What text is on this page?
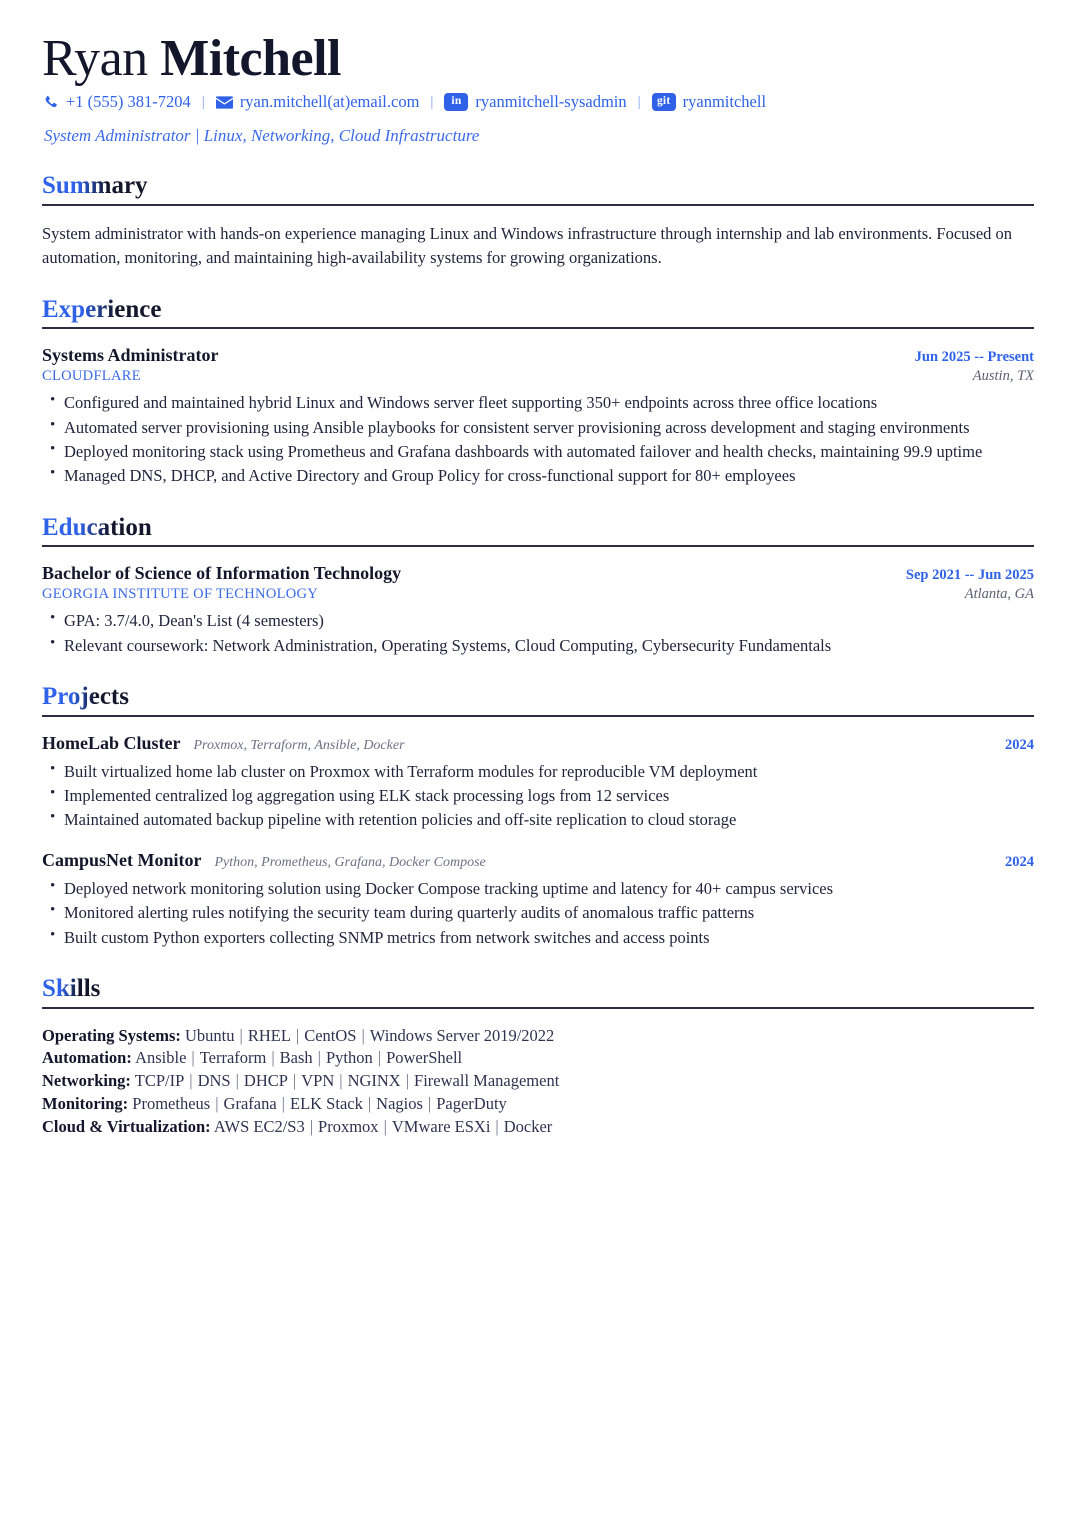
Ryan Mitchell
+1 (555) 381-7204 | ryan.mitchell(at)email.com |	in ryanmitchell-sysadmin |	git ryanmitchell
System Administrator | Linux, Networking, Cloud Infrastructure
Summary

System administrator with hands-on experience managing Linux and Windows infrastructure through internship and lab environments. Focused on automation, monitoring, and maintaining high-availability systems for growing organizations.

Experience
Systems Administrator	Jun 2025 -- Present
CLOUDFLARE	Austin, TX
• Configured and maintained hybrid Linux and Windows server fleet supporting 350+ endpoints across three office locations
• Automated server provisioning using Ansible playbooks for consistent server provisioning across development and staging environments
• Deployed monitoring stack using Prometheus and Grafana dashboards with automated failover and health checks, maintaining 99.9 uptime
• Managed DNS, DHCP, and Active Directory and Group Policy for cross-functional support for 80+ employees
Education
Bachelor of Science of Information Technology	Sep 2021 -- Jun 2025
GEORGIA INSTITUTE OF TECHNOLOGY	Atlanta, GA
• GPA: 3.7/4.0, Dean's List (4 semesters)
• Relevant coursework: Network Administration, Operating Systems, Cloud Computing, Cybersecurity Fundamentals
Projects
HomeLab Cluster Proxmox, Terraform, Ansible, Docker	2024
• Built virtualized home lab cluster on Proxmox with Terraform modules for reproducible VM deployment
• Implemented centralized log aggregation using ELK stack processing logs from 12 services
• Maintained automated backup pipeline with retention policies and off-site replication to cloud storage
CampusNet Monitor Python, Prometheus, Grafana, Docker Compose	2024
• Deployed network monitoring solution using Docker Compose tracking uptime and latency for 40+ campus services
• Monitored alerting rules notifying the security team during quarterly audits of anomalous traffic patterns
• Built custom Python exporters collecting SNMP metrics from network switches and access points
Skills
Operating Systems: Ubuntu | RHEL | CentOS | Windows Server 2019/2022
Automation: Ansible | Terraform | Bash | Python | PowerShell
Networking: TCP/IP | DNS | DHCP | VPN | NGINX | Firewall Management
Monitoring: Prometheus | Grafana | ELK Stack | Nagios | PagerDuty
Cloud & Virtualization: AWS EC2/S3 | Proxmox | VMware ESXi | Docker
